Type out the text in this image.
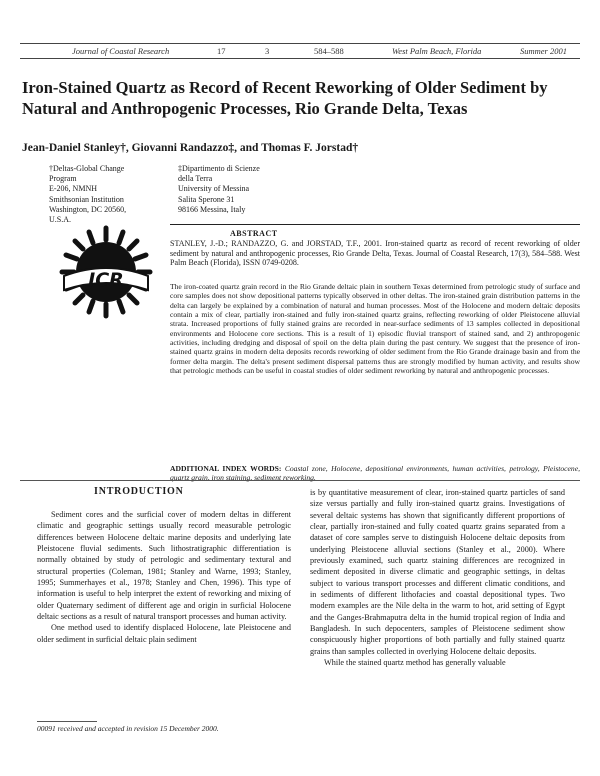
Journal of Coastal Research	17	3	584–588	West Palm Beach, Florida	Summer 2001
Iron-Stained Quartz as Record of Recent Reworking of Older Sediment by Natural and Anthropogenic Processes, Rio Grande Delta, Texas

Jean-Daniel Stanley†, Giovanni Randazzo‡, and Thomas F. Jorstad†

†Deltas-Global Change
Program
E-206, NMNH
Smithsonian Institution
Washington, DC 20560,
U.S.A.
‡Dipartimento di Scienze
della Terra
University of Messina
Salita Sperone 31
98166 Messina, Italy
JCR
ABSTRACT

STANLEY, J.-D.; RANDAZZO, G. and JORSTAD, T.F., 2001. Iron-stained quartz as record of recent reworking of older sediment by natural and anthropogenic processes, Rio Grande Delta, Texas. Journal of Coastal Research, 17(3), 584–588. West Palm Beach (Florida), ISSN 0749-0208.

The iron-coated quartz grain record in the Rio Grande deltaic plain in southern Texas determined from petrologic study of surface and core samples does not show depositional patterns typically observed in other deltas. The iron-stained grain distribution patterns in the delta can largely be explained by a combination of natural and human processes. Most of the Holocene and modern deltaic deposits contain a mix of clear, partially iron-stained and fully iron-stained quartz grains, reflecting reworking of older Pleistocene alluvial strata. Increased proportions of fully stained grains are recorded in near-surface sediments of 13 samples collected in depositional environments and Holocene core sections. This is a result of 1) episodic fluvial transport of stained sand, and 2) anthropogenic activities, including dredging and disposal of spoil on the delta plain during the past century. We suggest that the presence of iron-stained quartz grains in modern delta deposits records reworking of older sediment from the Rio Grande drainage basin and from the former delta margin. The delta's present sediment dispersal patterns thus are strongly modified by human activity, and results show that petrologic methods can be useful in coastal studies of older sediment reworking by natural and anthropogenic processes.

ADDITIONAL INDEX WORDS: Coastal zone, Holocene, depositional environments, human activities, petrology, Pleistocene, quartz grain, iron staining, sediment reworking.

INTRODUCTION

Sediment cores and the surficial cover of modern deltas in different climatic and geographic settings usually record measurable petrologic differences between Holocene deltaic marine deposits and underlying late Pleistocene fluvial sediments. Such lithostratigraphic differentiation is normally obtained by study of petrologic and sedimentary textural and structural properties (Coleman, 1981; Stanley and Warne, 1993; Stanley, 1995; Summerhayes et al., 1978; Stanley and Chen, 1996). This type of information is useful to help interpret the extent of reworking and mixing of older Quaternary sediment of different age and origin in surficial Holocene deltaic sections as a result of natural transport processes and human activity.

One method used to identify displaced Holocene, late Pleistocene and older sediment in surficial deltaic plain sediment

is by quantitative measurement of clear, iron-stained quartz particles of sand size versus partially and fully iron-stained quartz grains. Investigations of several deltaic systems has shown that significantly different proportions of clear, partially iron-stained and fully coated quartz grains separated from a dataset of core samples serve to distinguish Holocene deltaic deposits from underlying Pleistocene alluvial sections (Stanley et al., 2000). Where previously examined, such quartz staining differences are recognized in sediment deposited in diverse climatic and geographic settings, in deltas subject to various transport processes and different climatic conditions, and in sediments of different lithofacies and coastal depositional types. Two modern examples are the Nile delta in the warm to hot, arid setting of Egypt and the Ganges-Brahmaputra delta in the humid tropical region of India and Bangladesh. In such depocenters, samples of Pleistocene sediment show conspicuously higher proportions of both partially and fully stained quartz grains than samples collected in overlying Holocene deltaic deposits.

While the stained quartz method has generally valuable

00091 received and accepted in revision 15 December 2000.
